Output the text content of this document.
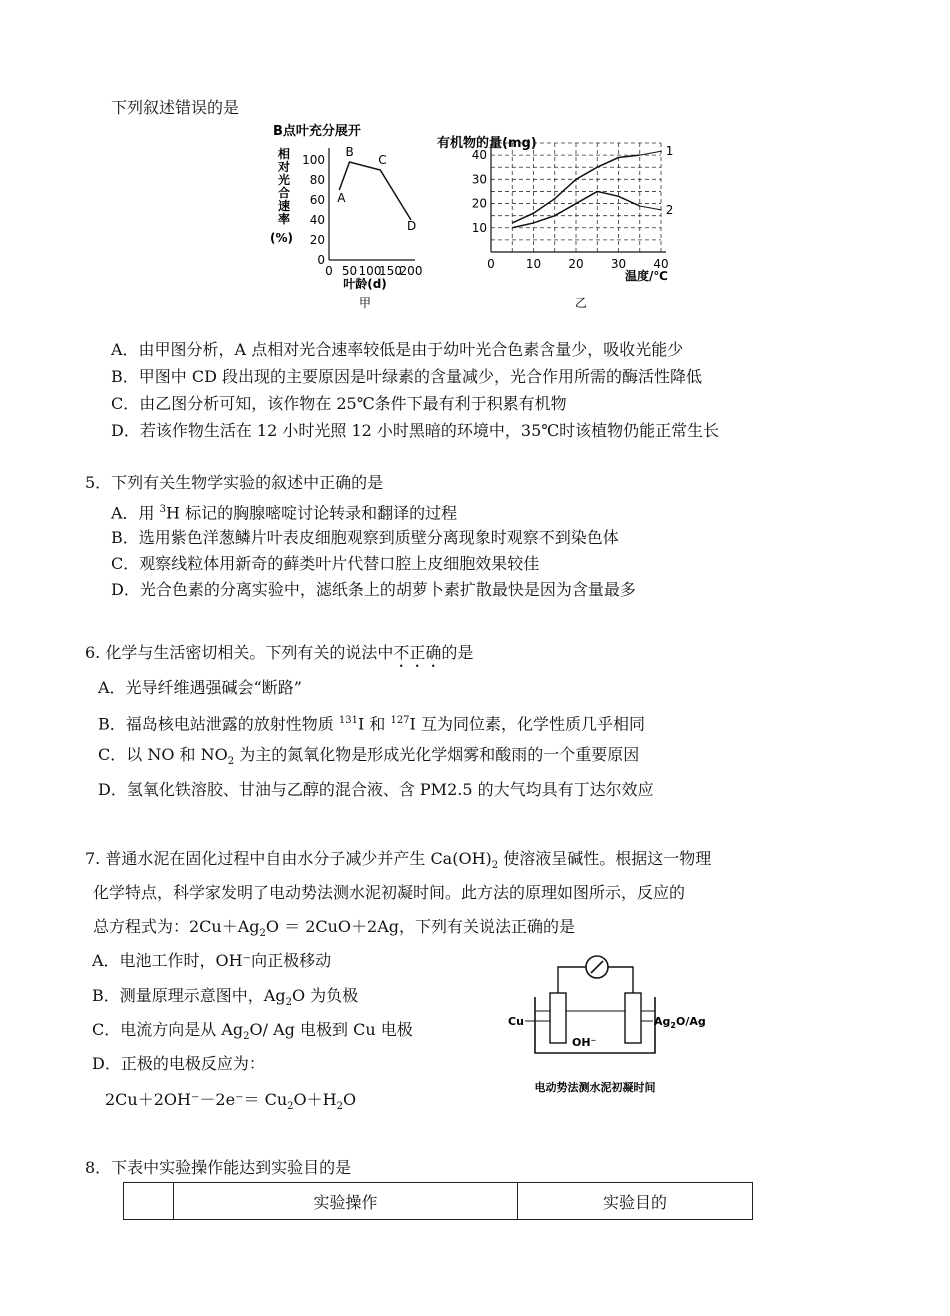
下列叙述错误的是
B点叶充分展开
相
对
光
合
速
率
(%)
0
20
40
60
80
100
0 50 100
150
200
A
B
C
D
叶龄(d)
甲
有机物的量(mg)
10
20
30
40
0	10 20 30 40
1
2
温度/℃
乙
A．由甲图分析，A 点相对光合速率较低是由于幼叶光合色素含量少，吸收光能少
B．甲图中 CD 段出现的主要原因是叶绿素的含量减少，光合作用所需的酶活性降低
C．由乙图分析可知，该作物在 25℃条件下最有利于积累有机物
D．若该作物生活在 12 小时光照 12 小时黑暗的环境中，35℃时该植物仍能正常生长
5．下列有关生物学实验的叙述中正确的是
A．用 $^3$H 标记的胸腺嘧啶讨论转录和翻译的过程
B．选用紫色洋葱鳞片叶表皮细胞观察到质壁分离现象时观察不到染色体
C．观察线粒体用新奇的藓类叶片代替口腔上皮细胞效果较佳
D．光合色素的分离实验中，滤纸条上的胡萝卜素扩散最快是因为含量最多
6. 化学与生活密切相关。下列有关的说法中不正确的是
A．光导纤维遇强碱会“断路”
B．福岛核电站泄露的放射性物质 $^{131}$I 和 $^{127}$I 互为同位素，化学性质几乎相同
C．以 NO 和 $NO_2$ 为主的氮氧化物是形成光化学烟雾和酸雨的一个重要原因
D．氢氧化铁溶胶、甘油与乙醇的混合液、含 PM2.5 的大气均具有丁达尔效应
7. 普通水泥在固化过程中自由水分子减少并产生 $Ca(OH)_2$ 使溶液呈碱性。根据这一物理
化学特点，科学家发明了电动势法测水泥初凝时间。此方法的原理如图所示，反应的
总方程式为：$2Cu+Ag_2O = 2CuO+2Ag$，下列有关说法正确的是
A．电池工作时，OH⁻向正极移动
B．测量原理示意图中，$Ag_2O$ 为负极
C．电流方向是从 $Ag_2O/$ Ag 电极到 Cu 电极
D．正极的电极反应为：
$2Cu+2OH^--2e^-= Cu_2O+H_2O$
Cu	$Ag_2O/Ag$
OH⁻
电动势法测水泥初凝时间
8．下表中实验操作能达到实验目的是
	实验操作	实验目的
